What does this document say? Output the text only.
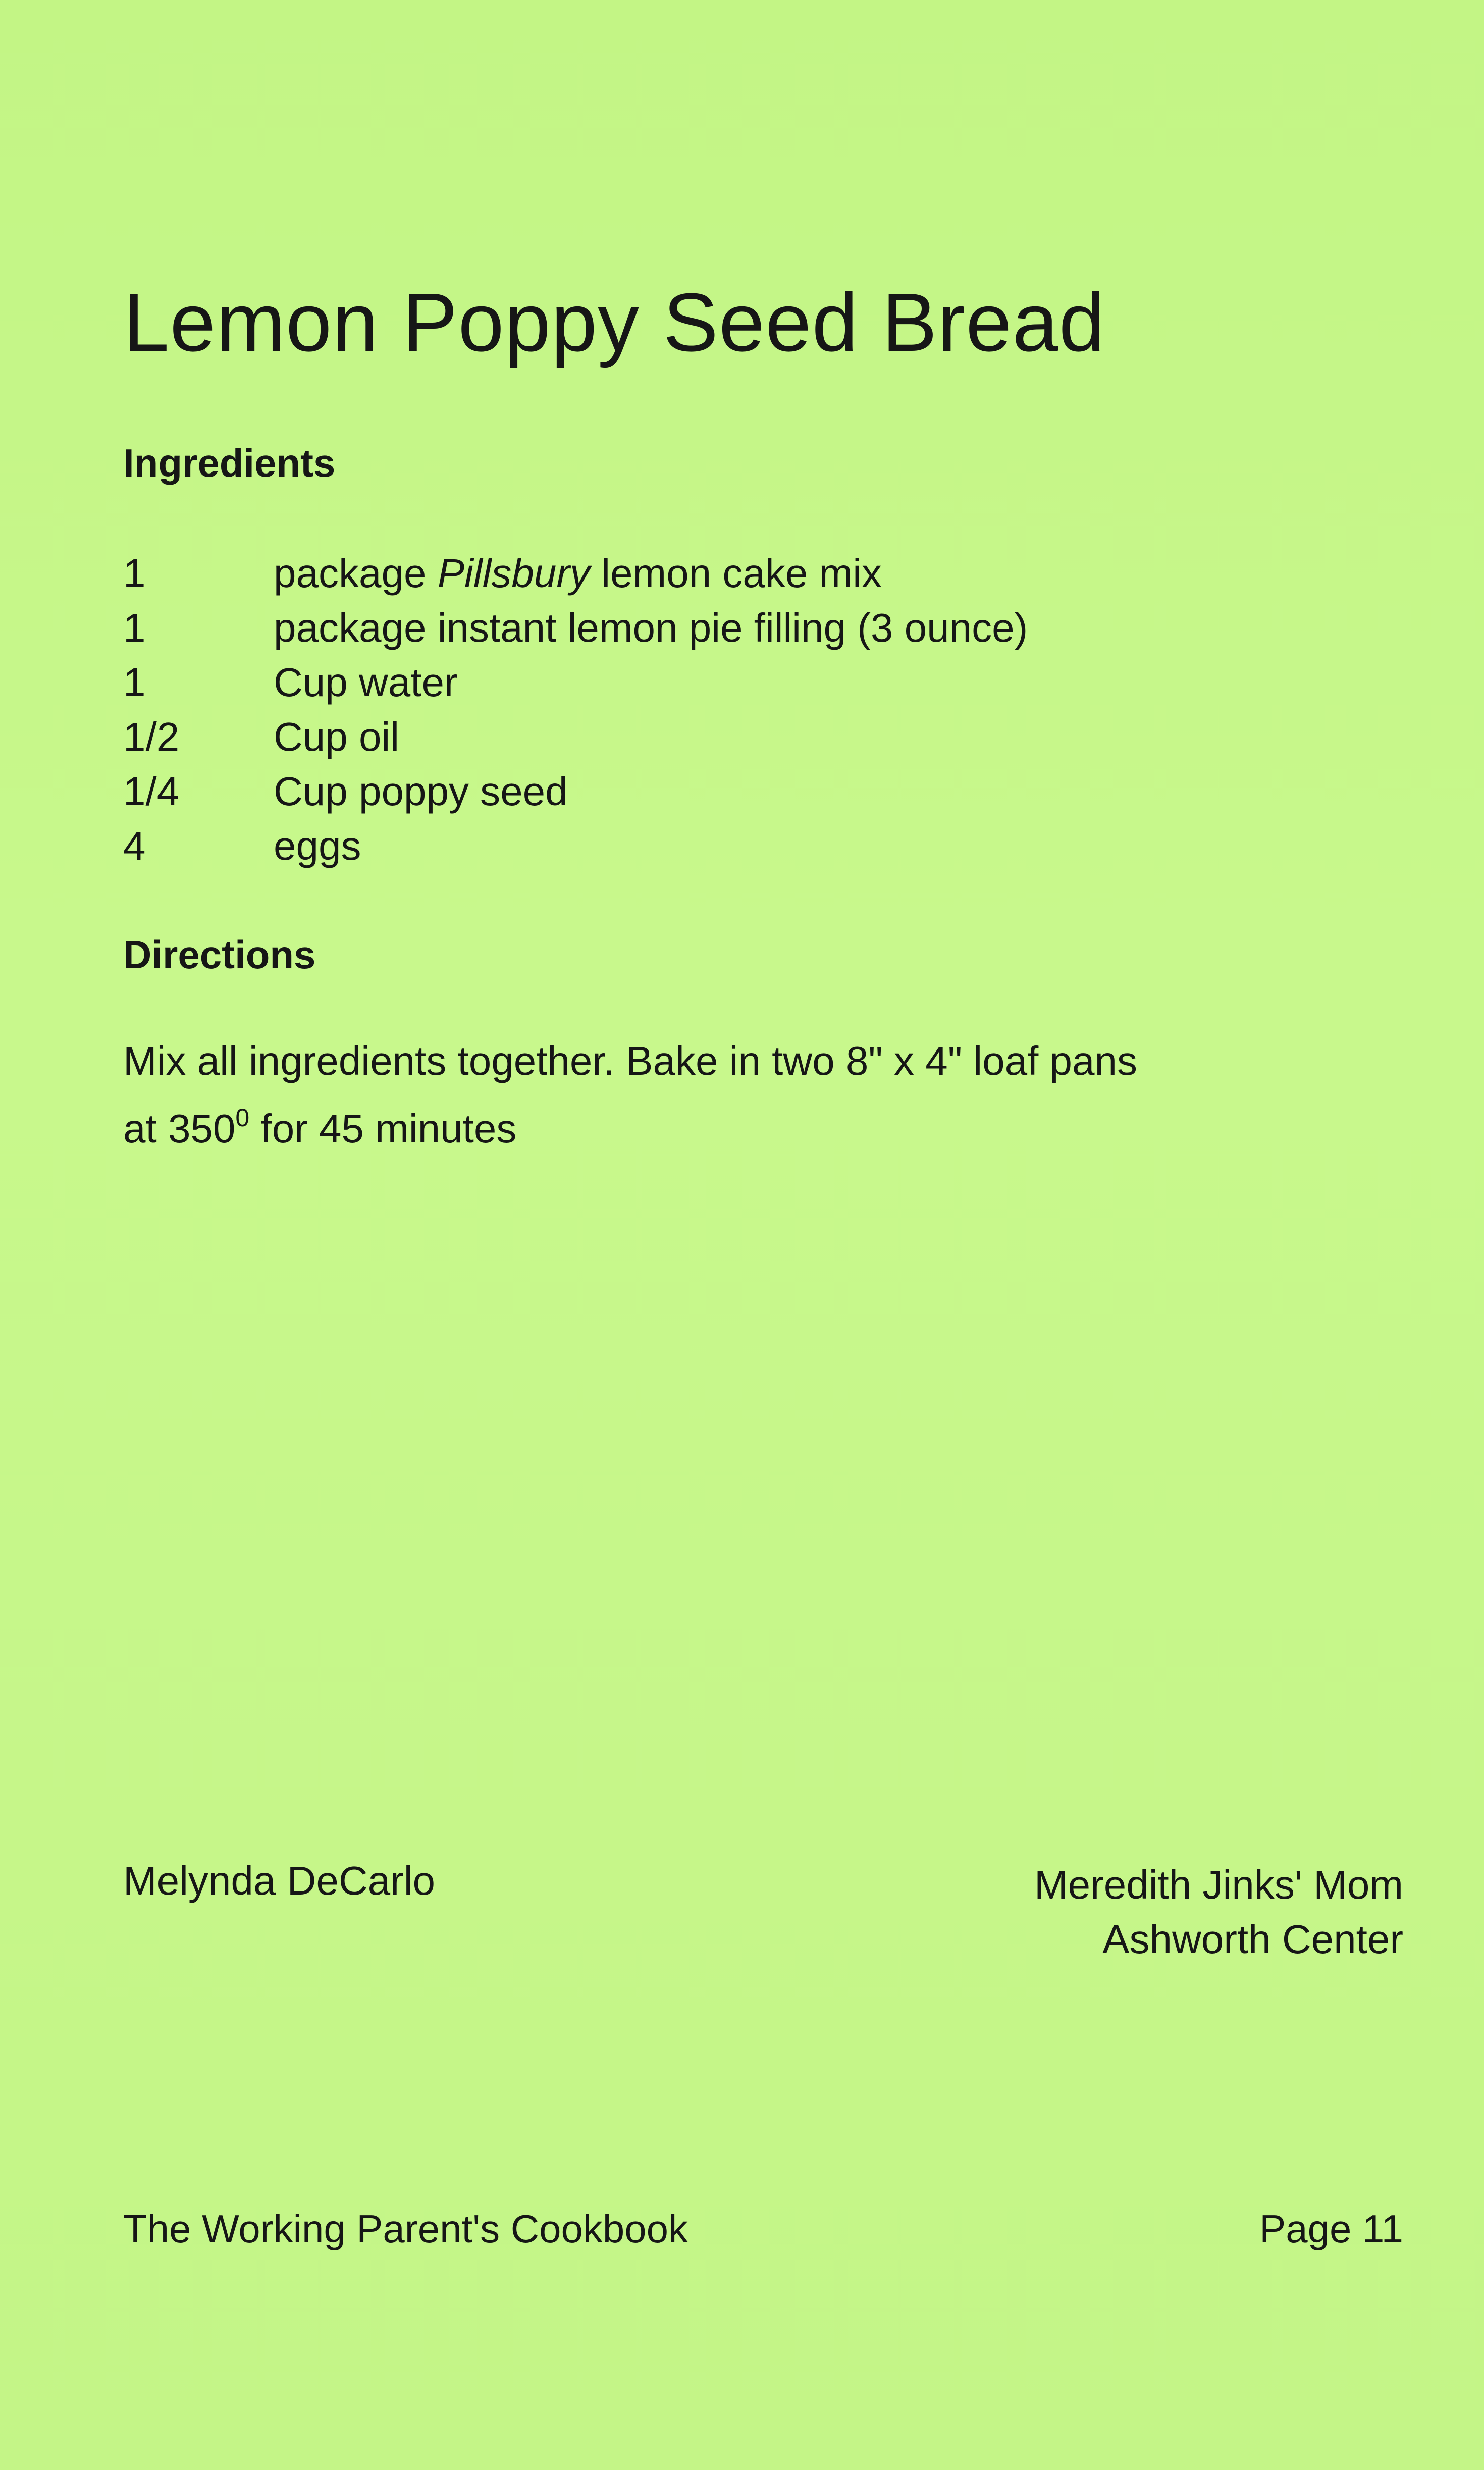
Lemon Poppy Seed Bread
Ingredients
1	package Pillsbury lemon cake mix
1	package instant lemon pie filling (3 ounce)
1	Cup water
1/2	Cup oil
1/4	Cup poppy seed
4	eggs
Directions

Mix all ingredients together. Bake in two 8" x 4" loaf pans
at $350^0$ for 45 minutes

Melynda DeCarlo	Meredith Jinks' Mom
Ashworth Center
The Working Parent's Cookbook	Page 11
